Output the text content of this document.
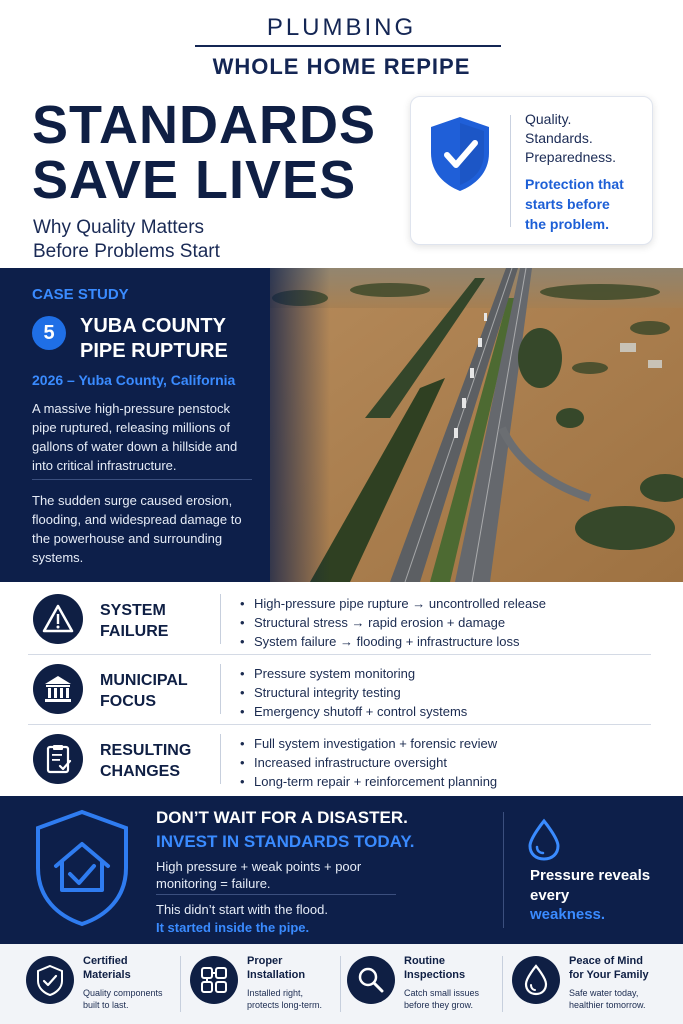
PLUMBING
WHOLE HOME REPIPE
STANDARDS
SAVE LIVES
Why Quality Matters
Before Problems Start
Quality.
Standards.
Preparedness.
Protection that
starts before
the problem.
CASE STUDY
5	YUBA COUNTY
PIPE RUPTURE
2026 – Yuba County, California
A massive high-pressure penstock pipe ruptured, releasing millions of gallons of water down a hillside and into critical infrastructure.
The sudden surge caused erosion, flooding, and widespread damage to the powerhouse and surrounding systems.
SYSTEM
FAILURE
• High-pressure pipe rupture → uncontrolled release
• Structural stress → rapid erosion + damage
• System failure → flooding + infrastructure loss
MUNICIPAL
FOCUS
• Pressure system monitoring
• Structural integrity testing
• Emergency shutoff + control systems
RESULTING
CHANGES
• Full system investigation + forensic review
• Increased infrastructure oversight
• Long-term repair + reinforcement planning
DON’T WAIT FOR A DISASTER.
INVEST IN STANDARDS TODAY.
High pressure + weak points + poor monitoring = failure.
This didn’t start with the flood.
It started inside the pipe.
Pressure reveals every
weakness.
Certified
Materials
Quality components
built to last.
Proper
Installation
Installed right,
protects long-term.
Routine
Inspections
Catch small issues
before they grow.
Peace of Mind
for Your Family
Safe water today,
healthier tomorrow.
